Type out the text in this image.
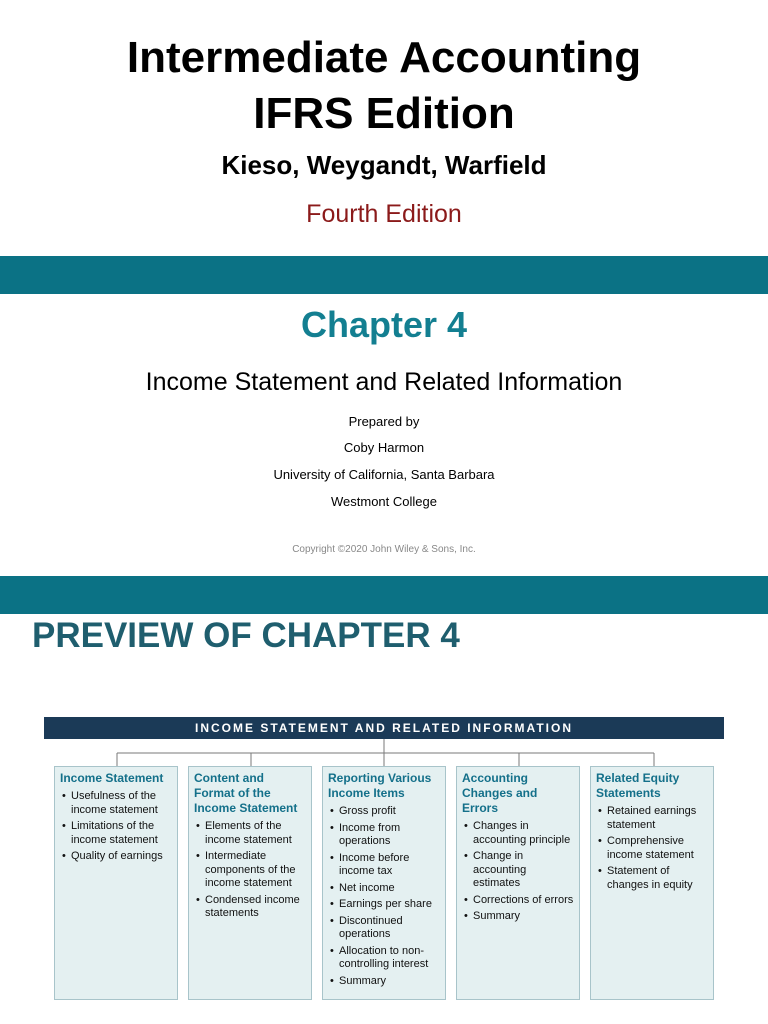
Intermediate Accounting
IFRS Edition
Kieso, Weygandt, Warfield
Fourth Edition
Chapter 4
Income Statement and Related Information
Prepared by
Coby Harmon
University of California, Santa Barbara
Westmont College
Copyright ©2020 John Wiley & Sons, Inc.
PREVIEW OF CHAPTER 4
INCOME STATEMENT AND RELATED INFORMATION
Income Statement
• Usefulness of the income statement
• Limitations of the income statement
• Quality of earnings
Content and Format of the Income Statement
• Elements of the income statement
• Intermediate components of the income statement
• Condensed income statements
Reporting Various Income Items
• Gross profit
• Income from operations
• Income before income tax
• Net income
• Earnings per share
• Discontinued operations
• Allocation to non-controlling interest
• Summary
Accounting Changes and Errors
• Changes in accounting principle
• Change in accounting estimates
• Corrections of errors
• Summary
Related Equity Statements
• Retained earnings statement
• Comprehensive income statement
• Statement of changes in equity
